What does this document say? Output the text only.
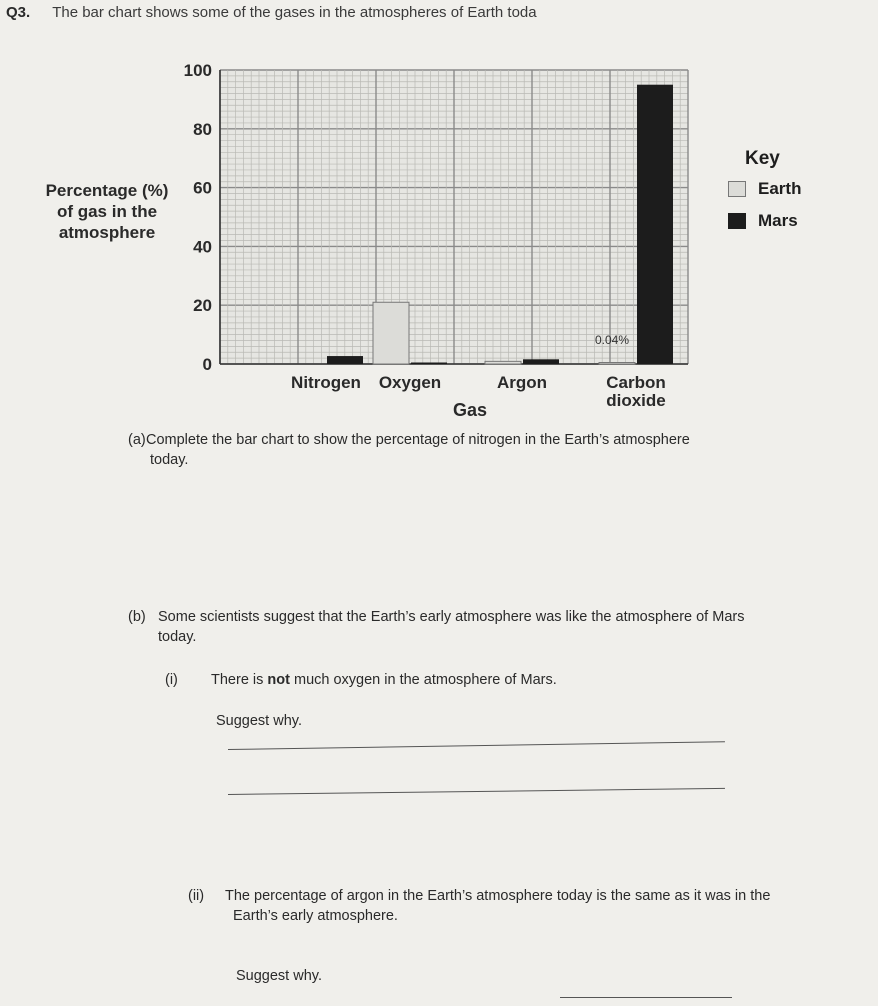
Q3. The bar chart shows some of the gases in the atmospheres of Earth toda
Percentage (%)
of gas in the
atmosphere
0
20
40
60
80
100
Nitrogen Oxygen	Argon	Carbon
dioxide
0.04%
Gas
Key
Earth
Mars
(a) Complete the bar chart to show the percentage of nitrogen in the Earth’s atmosphere
today.
(b) Some scientists suggest that the Earth’s early atmosphere was like the atmosphere of Mars
today.
(i) There is not much oxygen in the atmosphere of Mars.
Suggest why.
(ii) The percentage of argon in the Earth’s atmosphere today is the same as it was in the
Earth’s early atmosphere.
Suggest why.
